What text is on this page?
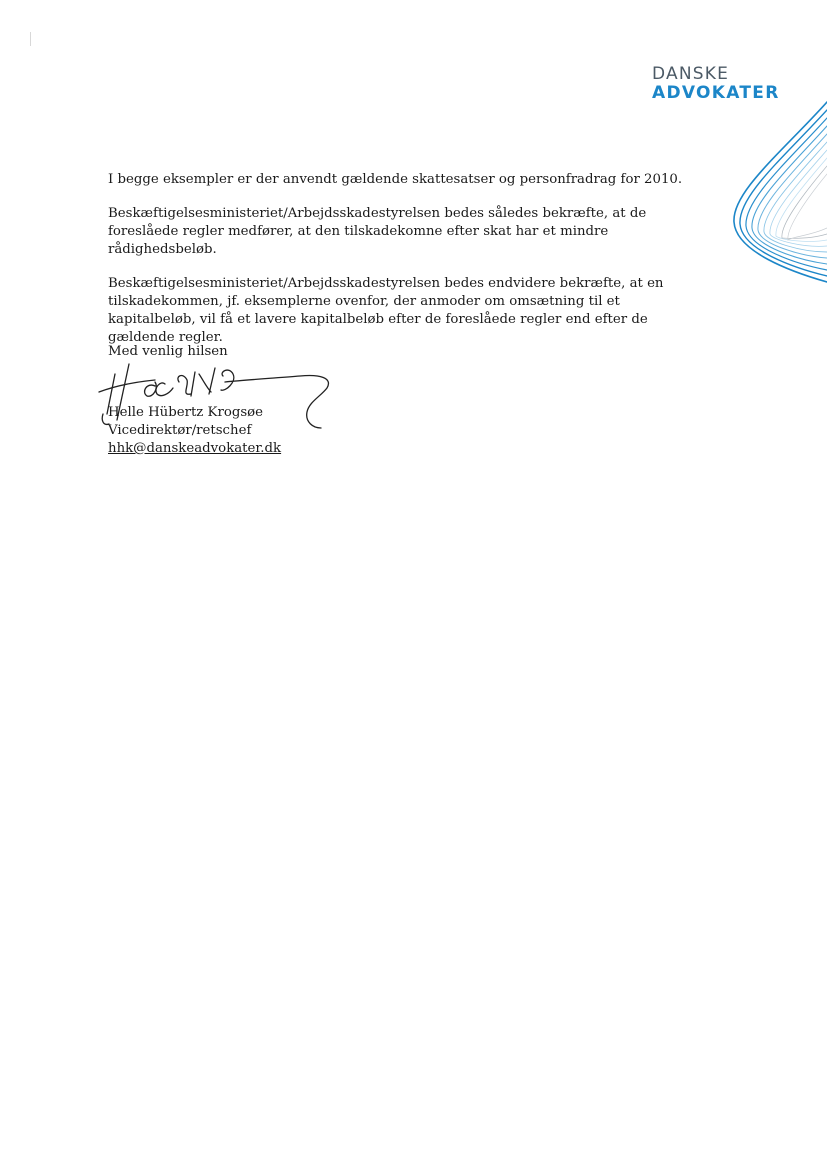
DANSKE
ADVOKATER

I begge eksempler er der anvendt gældende skattesatser og personfradrag for 2010.

Beskæftigelsesministeriet/Arbejdsskadestyrelsen bedes således bekræfte, at de foreslåede regler medfører, at den tilskadekomne efter skat har et mindre rådighedsbeløb.

Beskæftigelsesministeriet/Arbejdsskadestyrelsen bedes endvidere bekræfte, at en tilskadekommen, jf. eksemplerne ovenfor, der anmoder om omsætning til et kapitalbeløb, vil få et lavere kapitalbeløb efter de foreslåede regler end efter de gældende regler.

Med venlig hilsen
Helle Hübertz Krogsøe
Vicedirektør/retschef
hhk@danskeadvokater.dk
